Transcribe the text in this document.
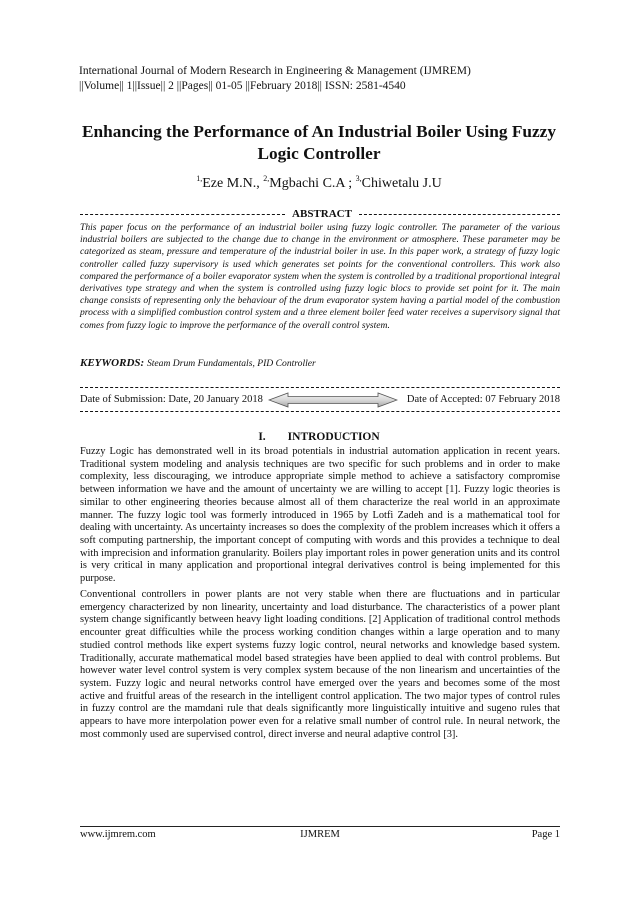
International Journal of Modern Research in Engineering & Management (IJMREM)
||Volume|| 1||Issue|| 2 ||Pages|| 01-05 ||February 2018|| ISSN: 2581-4540
Enhancing the Performance of An Industrial Boiler Using Fuzzy
Logic Controller
$^{1,}$Eze M.N., $^{2,}$Mgbachi C.A ; $^{3,}$Chiwetalu J.U
ABSTRACT
This paper focus on the performance of an industrial boiler using fuzzy logic controller. The parameter of the various industrial boilers are subjected to the change due to change in the environment or atmosphere. These parameter may be categorized as steam, pressure and temperature of the industrial boiler in use. In this paper work, a strategy of fuzzy logic controller called fuzzy supervisory is used which generates set points for the conventional controllers. This work also compared the performance of a boiler evaporator system when the system is controlled by a traditional proportional integral derivatives type strategy and when the system is controlled using fuzzy logic blocs to provide set point for it. The main change consists of representing only the behaviour of the drum evaporator system having a partial model of the combustion process with a simplified combustion control system and a three element boiler feed water receives a supervisory signal that comes from fuzzy logic to improve the performance of the overall control system.
KEYWORDS: Steam Drum Fundamentals, PID Controller
Date of Submission: Date, 20 January 2018	Date of Accepted: 07 February 2018
I. INTRODUCTION
Fuzzy Logic has demonstrated well in its broad potentials in industrial automation application in recent years. Traditional system modeling and analysis techniques are two specific for such problems and in order to make complexity, less discouraging, we introduce appropriate simple method to achieve a satisfactory compromise between information we have and the amount of uncertainty we are willing to accept [1]. Fuzzy logic theories is similar to other engineering theories because almost all of them characterize the real world in an approximate manner. The fuzzy logic tool was formerly introduced in 1965 by Lotfi Zadeh and is a mathematical tool for dealing with uncertainty. As uncertainty increases so does the complexity of the problem increases which it offers a soft computing partnership, the important concept of computing with words and this provides a technique to deal with imprecision and information granularity. Boilers play important roles in power generation units and its control is very critical in many application and proportional integral derivatives control is being implemented for this purpose.
Conventional controllers in power plants are not very stable when there are fluctuations and in particular emergency characterized by non linearity, uncertainty and load disturbance. The characteristics of a power plant system change significantly between heavy light loading conditions. [2] Application of traditional control methods encounter great difficulties while the process working condition changes within a large operation and to many studied control methods like expert systems fuzzy logic control, neural networks and knowledge based system. Traditionally, accurate mathematical model based strategies have been applied to deal with control problems. But however water level control system is very complex system because of the non linearism and uncertainties of the system. Fuzzy logic and neural networks control have emerged over the years and becomes some of the most active and fruitful areas of the research in the intelligent control application. The two major types of control rules in fuzzy control are the mamdani rule that deals significantly more linguistically intuitive and sugeno rules that appears to have more interpolation power even for a relative small number of control rule. In neural network, the most commonly used are supervised control, direct inverse and neural adaptive control [3].
www.ijmrem.com	IJMREM	Page 1
